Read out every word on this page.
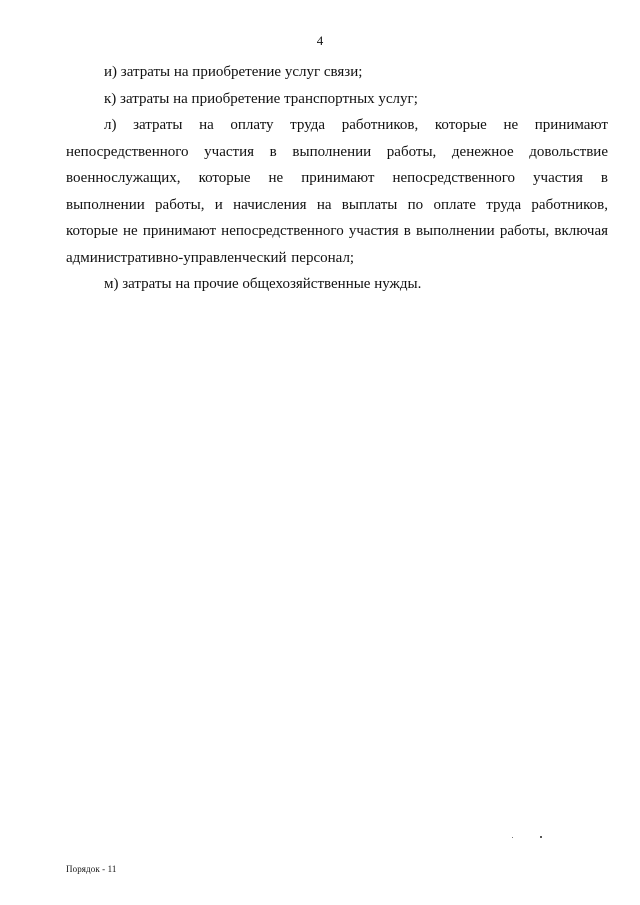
4

и) затраты на приобретение услуг связи;

к) затраты на приобретение транспортных услуг;

л) затраты на оплату труда работников, которые не принимают непосредственного участия в выполнении работы, денежное довольствие военнослужащих, которые не принимают непосредственного участия в выполнении работы, и начисления на выплаты по оплате труда работников, которые не принимают непосредственного участия в выполнении работы, включая административно-управленческий персонал;

м) затраты на прочие общехозяйственные нужды.

Порядок - 11
